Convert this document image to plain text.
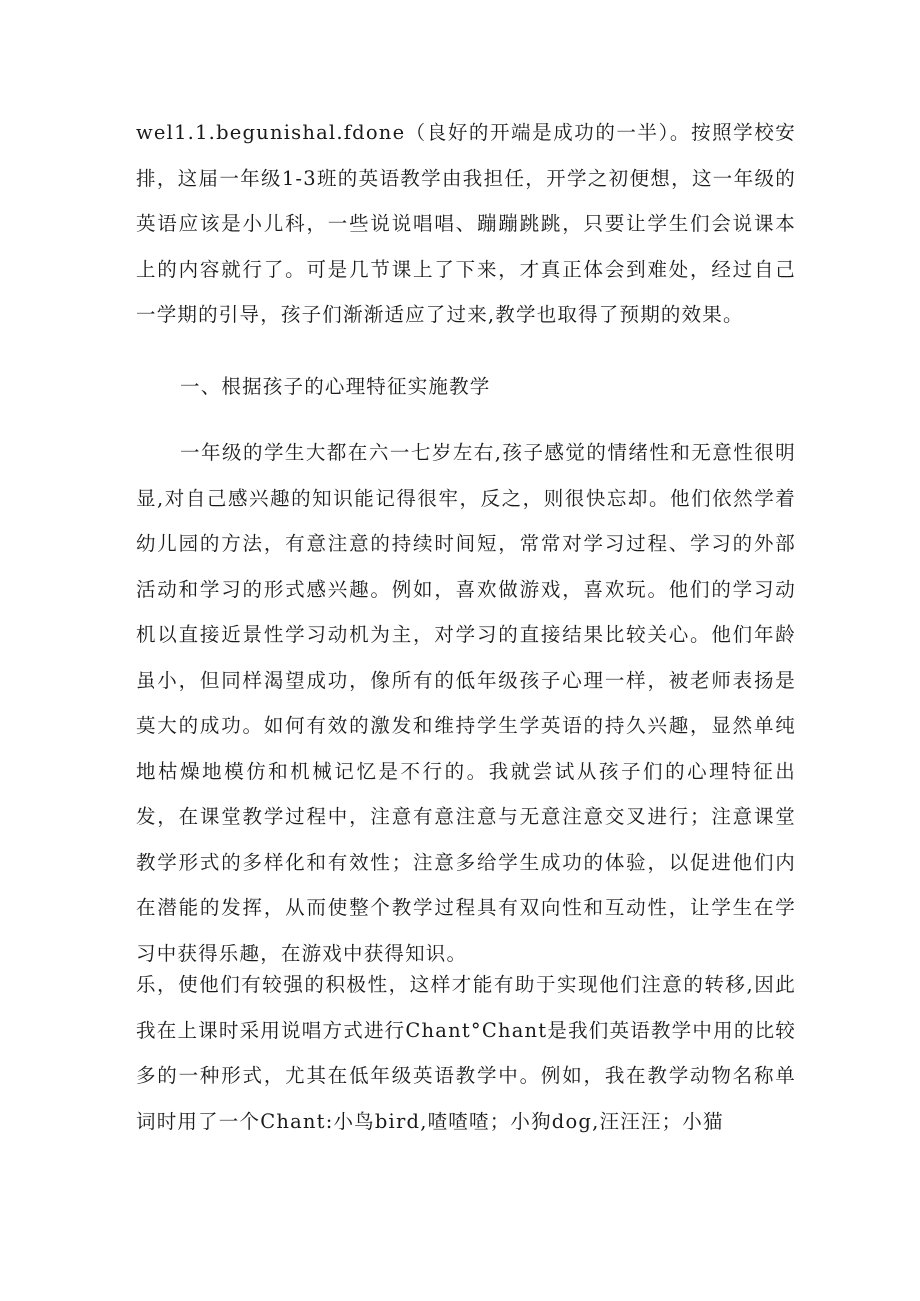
wel1.1.begunishal.fdone（良好的开端是成功的一半）。按照学校安排，这届一年级1-3班的英语教学由我担任，开学之初便想，这一年级的英语应该是小儿科，一些说说唱唱、蹦蹦跳跳，只要让学生们会说课本上的内容就行了。可是几节课上了下来，才真正体会到难处，经过自己一学期的引导，孩子们渐渐适应了过来,教学也取得了预期的效果。

一、根据孩子的心理特征实施教学

一年级的学生大都在六一七岁左右,孩子感觉的情绪性和无意性很明显,对自己感兴趣的知识能记得很牢，反之，则很快忘却。他们依然学着幼儿园的方法，有意注意的持续时间短，常常对学习过程、学习的外部活动和学习的形式感兴趣。例如，喜欢做游戏，喜欢玩。他们的学习动机以直接近景性学习动机为主，对学习的直接结果比较关心。他们年龄虽小，但同样渴望成功，像所有的低年级孩子心理一样，被老师表扬是莫大的成功。如何有效的激发和维持学生学英语的持久兴趣，显然单纯地枯燥地模仿和机械记忆是不行的。我就尝试从孩子们的心理特征出发，在课堂教学过程中，注意有意注意与无意注意交叉进行；注意课堂教学形式的多样化和有效性；注意多给学生成功的体验，以促进他们内在潜能的发挥，从而使整个教学过程具有双向性和互动性，让学生在学习中获得乐趣，在游戏中获得知识。

乐，使他们有较强的积极性，这样才能有助于实现他们注意的转移,因此我在上课时采用说唱方式进行Chant°Chant是我们英语教学中用的比较多的一种形式，尤其在低年级英语教学中。例如，我在教学动物名称单词时用了一个Chant:小鸟bird,喳喳喳；小狗dog,汪汪汪；小猫
